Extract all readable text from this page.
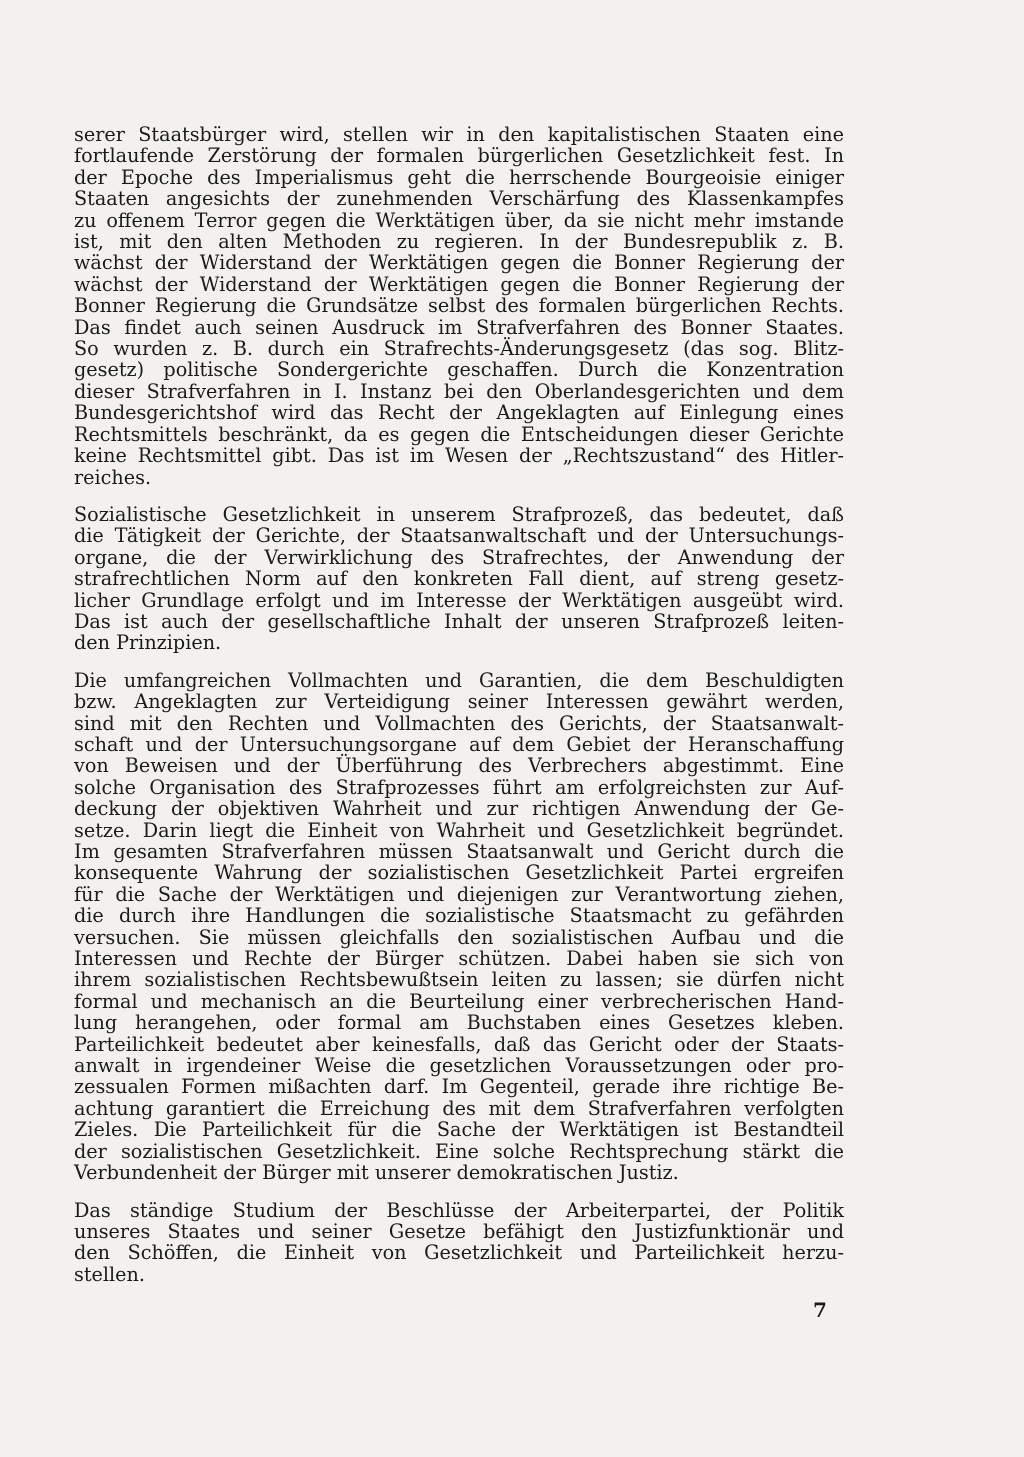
serer Staatsbürger wird, stellen wir in den kapitalistischen Staaten eine
fortlaufende Zerstörung der formalen bürgerlichen Gesetzlichkeit fest. In
der Epoche des Imperialismus geht die herrschende Bourgeoisie einiger
Staaten angesichts der zunehmenden Verschärfung des Klassenkampfes
zu offenem Terror gegen die Werktätigen über, da sie nicht mehr imstande
ist, mit den alten Methoden zu regieren. In der Bundesrepublik z. B.
wächst der Widerstand der Werktätigen gegen die Bonner Regierung der
wächst der Widerstand der Werktätigen gegen die Bonner Regierung der
Bonner Regierung die Grundsätze selbst des formalen bürgerlichen Rechts.
Das findet auch seinen Ausdruck im Strafverfahren des Bonner Staates.
So wurden z. B. durch ein Strafrechts-Änderungsgesetz (das sog. Blitz-
gesetz) politische Sondergerichte geschaffen. Durch die Konzentration
dieser Strafverfahren in I. Instanz bei den Oberlandesgerichten und dem
Bundesgerichtshof wird das Recht der Angeklagten auf Einlegung eines
Rechtsmittels beschränkt, da es gegen die Entscheidungen dieser Gerichte
keine Rechtsmittel gibt. Das ist im Wesen der „Rechtszustand“ des Hitler-
reiches.
Sozialistische Gesetzlichkeit in unserem Strafprozeß, das bedeutet, daß
die Tätigkeit der Gerichte, der Staatsanwaltschaft und der Untersuchungs-
organe, die der Verwirklichung des Strafrechtes, der Anwendung der
strafrechtlichen Norm auf den konkreten Fall dient, auf streng gesetz-
licher Grundlage erfolgt und im Interesse der Werktätigen ausgeübt wird.
Das ist auch der gesellschaftliche Inhalt der unseren Strafprozeß leiten-
den Prinzipien.
Die umfangreichen Vollmachten und Garantien, die dem Beschuldigten
bzw. Angeklagten zur Verteidigung seiner Interessen gewährt werden,
sind mit den Rechten und Vollmachten des Gerichts, der Staatsanwalt-
schaft und der Untersuchungsorgane auf dem Gebiet der Heranschaffung
von Beweisen und der Überführung des Verbrechers abgestimmt. Eine
solche Organisation des Strafprozesses führt am erfolgreichsten zur Auf-
deckung der objektiven Wahrheit und zur richtigen Anwendung der Ge-
setze. Darin liegt die Einheit von Wahrheit und Gesetzlichkeit begründet.
Im gesamten Strafverfahren müssen Staatsanwalt und Gericht durch die
konsequente Wahrung der sozialistischen Gesetzlichkeit Partei ergreifen
für die Sache der Werktätigen und diejenigen zur Verantwortung ziehen,
die durch ihre Handlungen die sozialistische Staatsmacht zu gefährden
versuchen. Sie müssen gleichfalls den sozialistischen Aufbau und die
Interessen und Rechte der Bürger schützen. Dabei haben sie sich von
ihrem sozialistischen Rechtsbewußtsein leiten zu lassen; sie dürfen nicht
formal und mechanisch an die Beurteilung einer verbrecherischen Hand-
lung herangehen, oder formal am Buchstaben eines Gesetzes kleben.
Parteilichkeit bedeutet aber keinesfalls, daß das Gericht oder der Staats-
anwalt in irgendeiner Weise die gesetzlichen Voraussetzungen oder pro-
zessualen Formen mißachten darf. Im Gegenteil, gerade ihre richtige Be-
achtung garantiert die Erreichung des mit dem Strafverfahren verfolgten
Zieles. Die Parteilichkeit für die Sache der Werktätigen ist Bestandteil
der sozialistischen Gesetzlichkeit. Eine solche Rechtsprechung stärkt die
Verbundenheit der Bürger mit unserer demokratischen Justiz.
Das ständige Studium der Beschlüsse der Arbeiterpartei, der Politik
unseres Staates und seiner Gesetze befähigt den Justizfunktionär und
den Schöffen, die Einheit von Gesetzlichkeit und Parteilichkeit herzu-
stellen.
7
